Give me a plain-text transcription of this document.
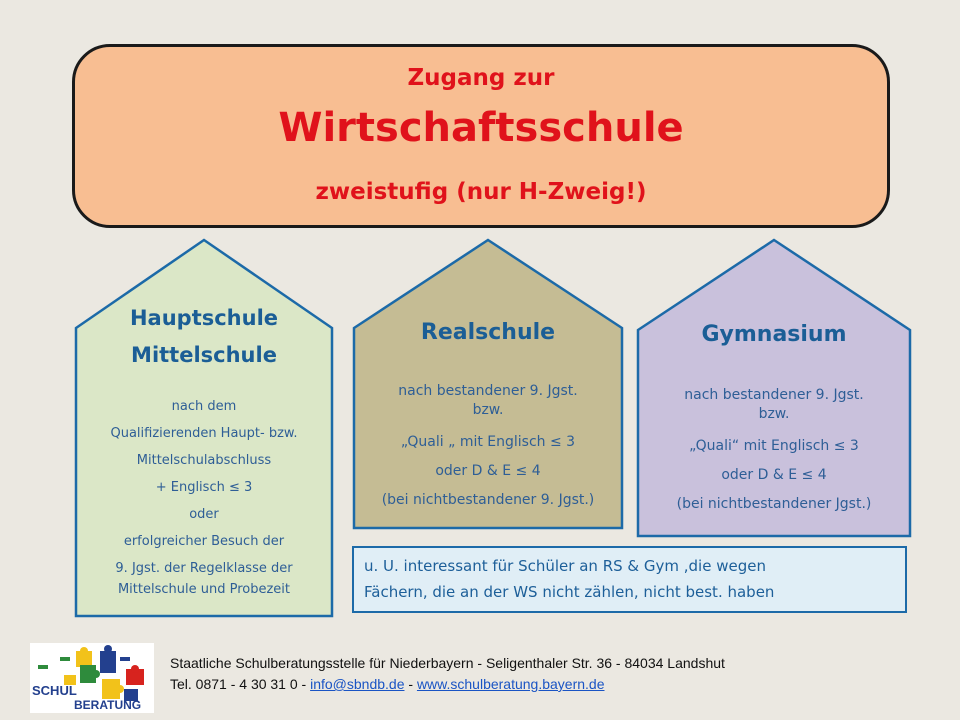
Zugang zur
Wirtschaftsschule
zweistufig (nur H-Zweig!)
Hauptschule
Mittelschule
nach dem
Qualifizierenden Haupt- bzw.
Mittelschulabschluss
+ Englisch ≤ 3
oder
erfolgreicher Besuch der
9. Jgst. der Regelklasse der
Mittelschule und Probezeit
Realschule
nach bestandener 9. Jgst.
bzw.
„Quali „ mit Englisch ≤ 3
oder D & E ≤ 4
(bei nichtbestandener 9. Jgst.)
Gymnasium
nach bestandener 9. Jgst.
bzw.
„Quali“ mit Englisch ≤ 3
oder D & E ≤ 4
(bei nichtbestandener Jgst.)
u. U. interessant für Schüler an RS & Gym ,die wegen
Fächern, die an der WS nicht zählen, nicht best. haben
SCHUL
BERATUNG
Staatliche Schulberatungsstelle für Niederbayern - Seligenthaler Str. 36 - 84034 Landshut
Tel. 0871 - 4 30 31 0 - info@sbndb.de - www.schulberatung.bayern.de
